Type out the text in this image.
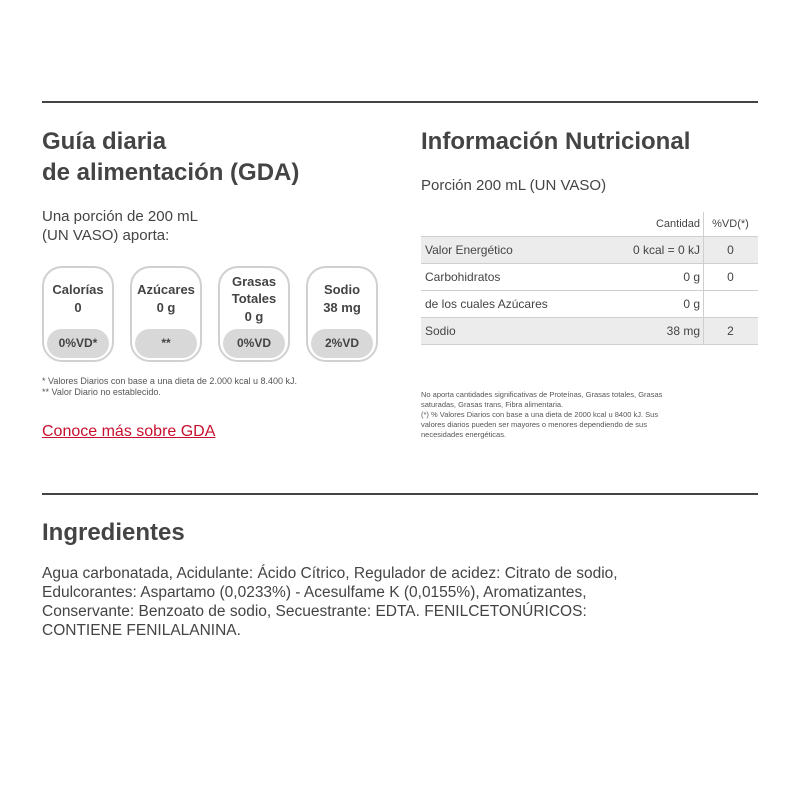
Guía diaria
de alimentación (GDA)
Una porción de 200 mL
(UN VASO) aporta:
Calorías
0
0%VD*
Azúcares
0 g
**
Grasas
Totales
0 g
0%VD
Sodio
38 mg
2%VD
* Valores Diarios con base a una dieta de 2.000 kcal u 8.400 kJ.
** Valor Diario no establecido.
Conoce más sobre GDA
Información Nutricional
Porción 200 mL (UN VASO)
Cantidad	%VD(*)
Valor Energético	0 kcal = 0 kJ	0
Carbohidratos	0 g	0
de los cuales Azúcares	0 g
Sodio	38 mg	2
No aporta cantidades significativas de Proteínas, Grasas totales, Grasas
saturadas, Grasas trans, Fibra alimentaria.
(*) % Valores Diarios con base a una dieta de 2000 kcal u 8400 kJ. Sus
valores diarios pueden ser mayores o menores dependiendo de sus
necesidades energéticas.
Ingredientes
Agua carbonatada, Acidulante: Ácido Cítrico, Regulador de acidez: Citrato de sodio,
Edulcorantes: Aspartamo (0,0233%) - Acesulfame K (0,0155%), Aromatizantes,
Conservante: Benzoato de sodio, Secuestrante: EDTA. FENILCETONÚRICOS:
CONTIENE FENILALANINA.
